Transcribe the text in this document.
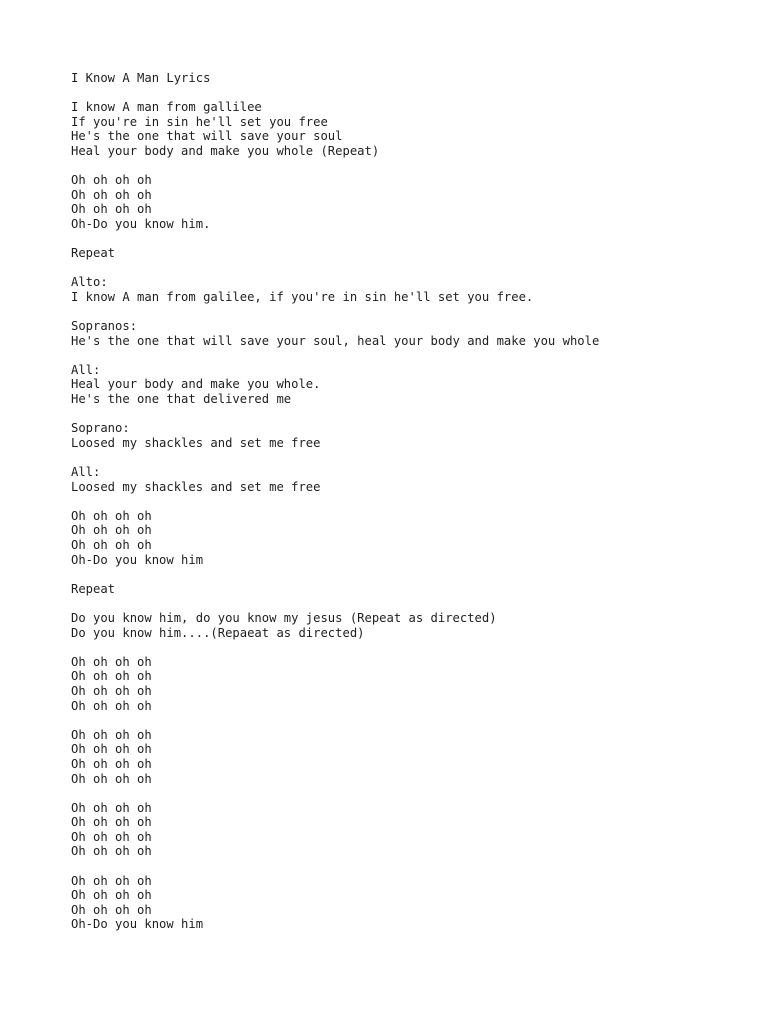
I Know A Man Lyrics
I know A man from gallilee
If you're in sin he'll set you free
He's the one that will save your soul
Heal your body and make you whole (Repeat)
Oh oh oh oh
Oh oh oh oh
Oh oh oh oh
Oh-Do you know him.
Repeat
Alto:
I know A man from galilee, if you're in sin he'll set you free.
Sopranos:
He's the one that will save your soul, heal your body and make you whole
All:
Heal your body and make you whole.
He's the one that delivered me
Soprano:
Loosed my shackles and set me free
All:
Loosed my shackles and set me free
Oh oh oh oh
Oh oh oh oh
Oh oh oh oh
Oh-Do you know him
Repeat
Do you know him, do you know my jesus (Repeat as directed)
Do you know him....(Repaeat as directed)
Oh oh oh oh
Oh oh oh oh
Oh oh oh oh
Oh oh oh oh
Oh oh oh oh
Oh oh oh oh
Oh oh oh oh
Oh oh oh oh
Oh oh oh oh
Oh oh oh oh
Oh oh oh oh
Oh oh oh oh
Oh oh oh oh
Oh oh oh oh
Oh oh oh oh
Oh-Do you know him
